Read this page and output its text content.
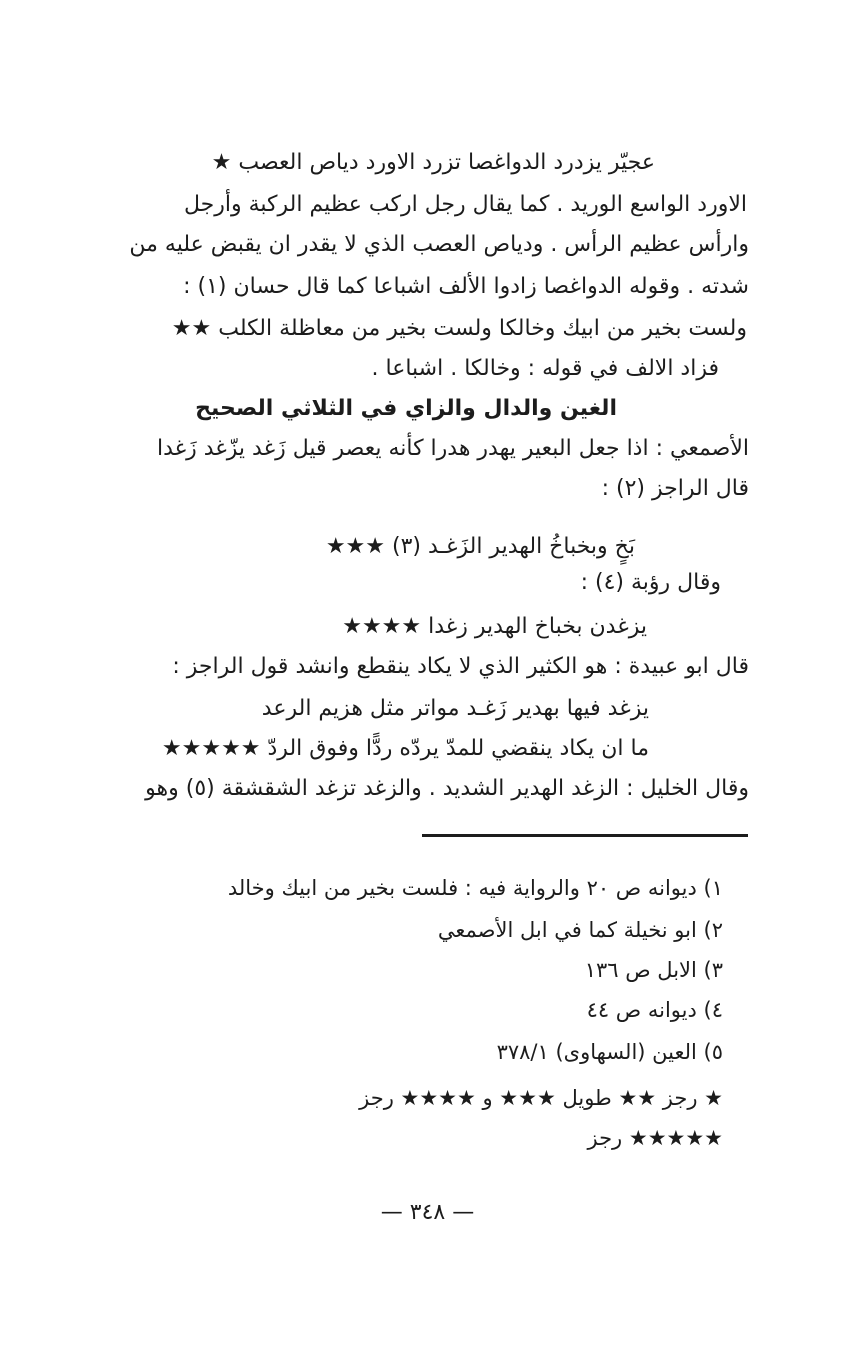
عجيّر يزدرد الدواغصا تزرد الاورد دياص العصب ★
الاورد الواسع الوريد . كما يقال رجل اركب عظيم الركبة وأرجل
وارأس عظيم الرأس . ودياص العصب الذي لا يقدر ان يقبض عليه من
شدته . وقوله الدواغصا زادوا الألف اشباعا كما قال حسان (١) :
ولست بخير من ابيك وخالكا ولست بخير من معاظلة الكلب ★★
فزاد الالف في قوله : وخالكا . اشباعا .
الغين والدال والزاي في الثلاثي الصحيح
الأصمعي : اذا جعل البعير يهدر هدرا كأنه يعصر قيل زَغد يزّغد زَغدا
قال الراجز (٢) :
بَخٍ وبخباخُ الهدير الزَغـد (٣) ★★★
وقال رؤبة (٤) :
يزغدن بخباخ الهدير زغدا ★★★★
قال ابو عبيدة : هو الكثير الذي لا يكاد ينقطع وانشد قول الراجز :
يزغد فيها بهدير زَغـد مواتر مثل هزيم الرعد
ما ان يكاد ينقضي للمدّ يردّه ردًّا وفوق الردّ ★★★★★
وقال الخليل : الزغد الهدير الشديد . والزغد تزغد الشقشقة (٥) وهو
١) ديوانه ص ٢٠ والرواية فيه : فلست بخير من ابيك وخالد
٢) ابو نخيلة كما في ابل الأصمعي
٣) الابل ص ١٣٦
٤) ديوانه ص ٤٤
٥) العين (السهاوى) ٣٧٨/١
★ رجز ★★ طويل ★★★ و ★★★★ رجز
★★★★★ رجز
— ٣٤٨ —
